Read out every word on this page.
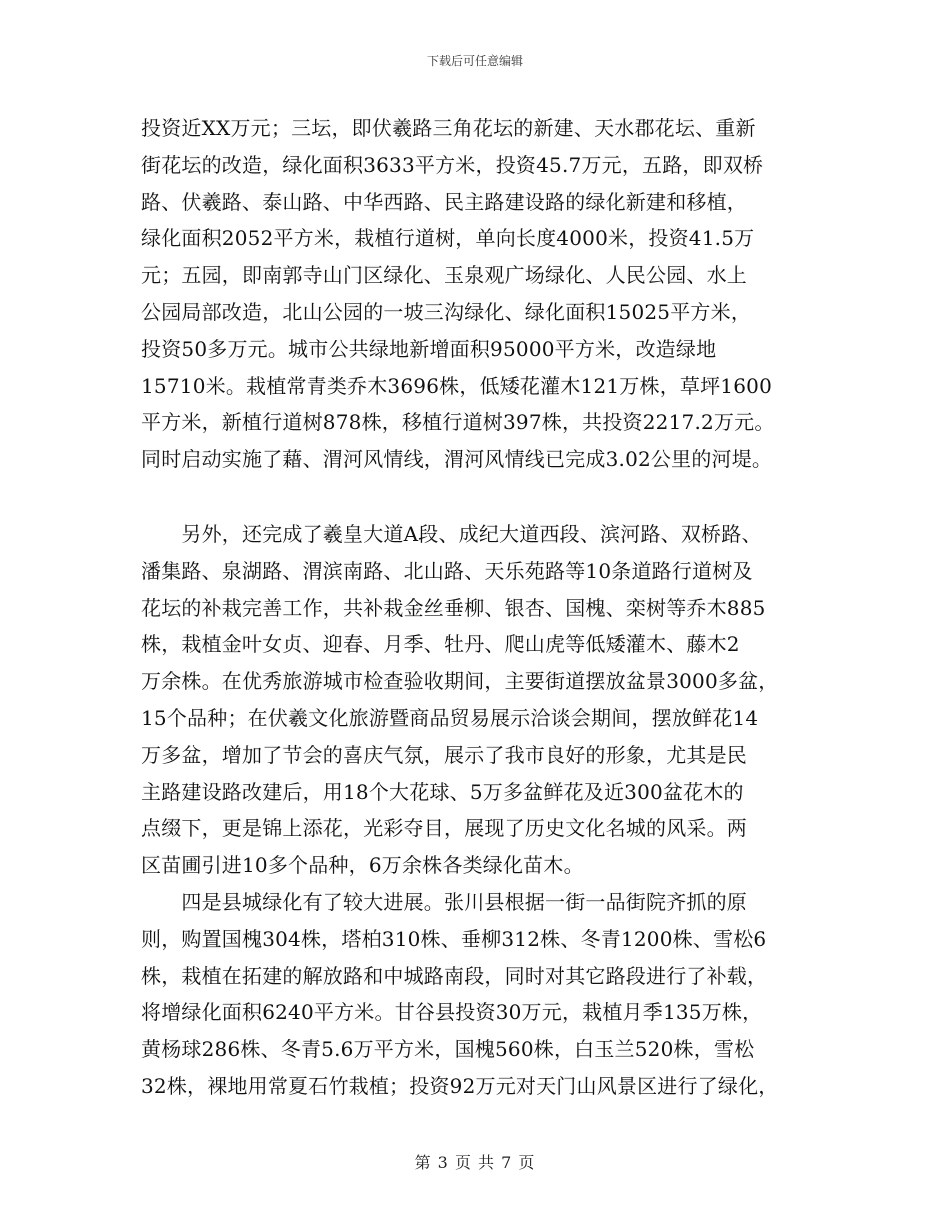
下载后可任意编辑
投资近XX万元；三坛，即伏羲路三角花坛的新建、天水郡花坛、重新
街花坛的改造，绿化面积3633平方米，投资45.7万元，五路，即双桥
路、伏羲路、泰山路、中华西路、民主路建设路的绿化新建和移植，
绿化面积2052平方米，栽植行道树，单向长度4000米，投资41.5万
元；五园，即南郭寺山门区绿化、玉泉观广场绿化、人民公园、水上
公园局部改造，北山公园的一坡三沟绿化、绿化面积15025平方米，
投资50多万元。城市公共绿地新增面积95000平方米，改造绿地
15710米。栽植常青类乔木3696株，低矮花灌木121万株，草坪1600
平方米，新植行道树878株，移植行道树397株，共投资2217.2万元。
同时启动实施了藉、渭河风情线，渭河风情线已完成3.02公里的河堤。
　　另外，还完成了羲皇大道A段、成纪大道西段、滨河路、双桥路、
潘集路、泉湖路、渭滨南路、北山路、天乐苑路等10条道路行道树及
花坛的补栽完善工作，共补栽金丝垂柳、银杏、国槐、栾树等乔木885
株，栽植金叶女贞、迎春、月季、牡丹、爬山虎等低矮灌木、藤木2
万余株。在优秀旅游城市检查验收期间，主要街道摆放盆景3000多盆，
15个品种；在伏羲文化旅游暨商品贸易展示洽谈会期间，摆放鲜花14
万多盆，增加了节会的喜庆气氛，展示了我市良好的形象，尤其是民
主路建设路改建后，用18个大花球、5万多盆鲜花及近300盆花木的
点缀下，更是锦上添花，光彩夺目，展现了历史文化名城的风采。两
区苗圃引进10多个品种，6万余株各类绿化苗木。
　　四是县城绿化有了较大进展。张川县根据一街一品街院齐抓的原
则，购置国槐304株，塔柏310株、垂柳312株、冬青1200株、雪松6
株，栽植在拓建的解放路和中城路南段，同时对其它路段进行了补载，
将增绿化面积6240平方米。甘谷县投资30万元，栽植月季135万株，
黄杨球286株、冬青5.6万平方米，国槐560株，白玉兰520株，雪松
32株，裸地用常夏石竹栽植；投资92万元对天门山风景区进行了绿化，
第 3 页 共 7 页
